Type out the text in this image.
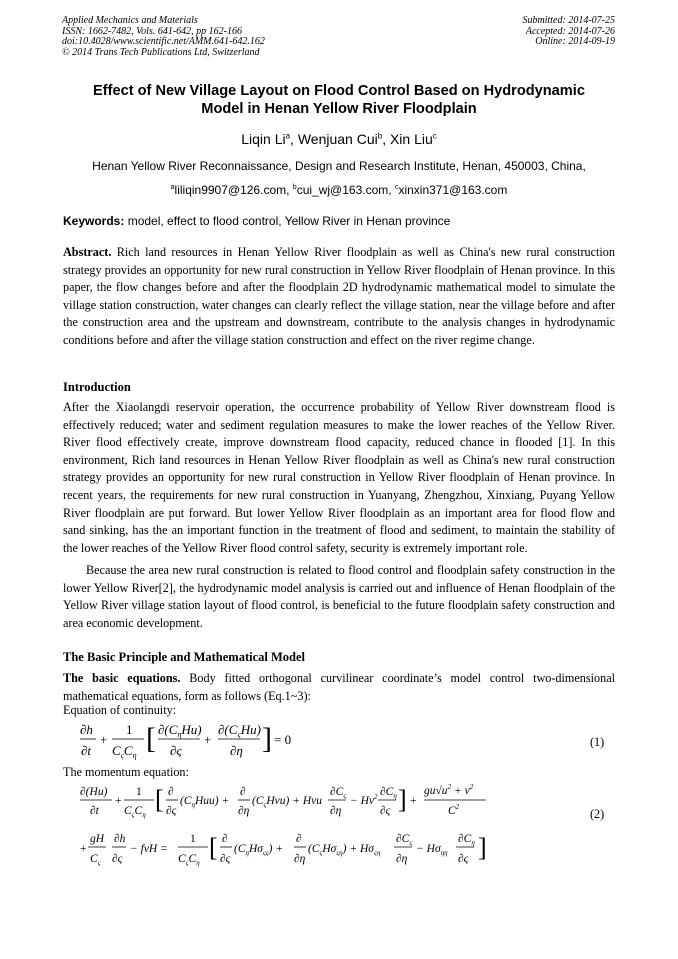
Applied Mechanics and Materials
ISSN: 1662-7482, Vols. 641-642, pp 162-166
doi:10.4028/www.scientific.net/AMM.641-642.162
© 2014 Trans Tech Publications Ltd, Switzerland
Submitted: 2014-07-25
Accepted: 2014-07-26
Online: 2014-09-19
Effect of New Village Layout on Flood Control Based on Hydrodynamic
Model in Henan Yellow River Floodplain
Liqin Li$^a$, Wenjuan Cui$^b$, Xin Liu$^c$
Henan Yellow River Reconnaissance, Design and Research Institute, Henan, 450003, China,
$^a$liliqin9907@126.com, $^b$cui_wj@163.com, $^c$xinxin371@163.com
Keywords: model, effect to flood control, Yellow River in Henan province
Abstract. Rich land resources in Henan Yellow River floodplain as well as China's new rural construction strategy provides an opportunity for new rural construction in Yellow River floodplain of Henan province. In this paper, the flow changes before and after the floodplain 2D hydrodynamic mathematical model to simulate the village station construction, water changes can clearly reflect the village station, near the village before and after the construction area and the upstream and downstream, contribute to the analysis changes in hydrodynamic conditions before and after the village station construction and effect on the river regime change.
Introduction
After the Xiaolangdi reservoir operation, the occurrence probability of Yellow River downstream flood is effectively reduced; water and sediment regulation measures to make the lower reaches of the Yellow River. River flood effectively create, improve downstream flood capacity, reduced chance in flooded [1]. In this environment, Rich land resources in Henan Yellow River floodplain as well as China's new rural construction strategy provides an opportunity for new rural construction in Yellow River floodplain of Henan province. In recent years, the requirements for new rural construction in Yuanyang, Zhengzhou, Xinxiang, Puyang Yellow River floodplain are put forward. But lower Yellow River floodplain as an important area for flood flow and sand sinking, has the an important function in the treatment of flood and sediment, to maintain the stability of the lower reaches of the Yellow River flood control safety, security is extremely important role.
Because the area new rural construction is related to flood control and floodplain safety construction in the lower Yellow River[2], the hydrodynamic model analysis is carried out and influence of Henan floodplain of the Yellow River village station layout of flood control, is beneficial to the future floodplain safety construction and area economic development.
The Basic Principle and Mathematical Model
The basic equations. Body fitted orthogonal curvilinear coordinate’s model control two-dimensional mathematical equations, form as follows (Eq.1~3):
Equation of continuity:
∂h
∂t
+
1
$C_\varsigma C_\eta$
[ $\partial(C_\eta Hu)$
∂ς
+
$\partial(C_\varsigma Hu)$
∂η ] = 0	(1)
The momentum equation:
∂(Hu)
∂t
+
1
$C_\varsigma C_\eta$
[ ∂
∂ς
$(C_\eta Huu)$ +
∂
∂η
$(C_\varsigma Hvu)$ + Hvu
$\partial C_\varsigma$
∂η
− $Hv^2$ $\partial C_\eta$
∂ς ] +
$gu√u^2 + v^2$
$C^2$
+
gH
$C_\varsigma$
∂h
∂ς
− fvH =
1
$C_\varsigma C_\eta$
[ ∂
∂ς
$(C_\eta H\sigma_{\varsigma\varsigma})$ +
∂
∂η
$(C_\varsigma H\sigma_{\varsigma\eta}) + H\sigma_{\varsigma\eta}$
$\partial C_\varsigma$
∂η
− $H\sigma_{\eta\eta}$
$\partial C_\eta$
∂ς ]
(2)
